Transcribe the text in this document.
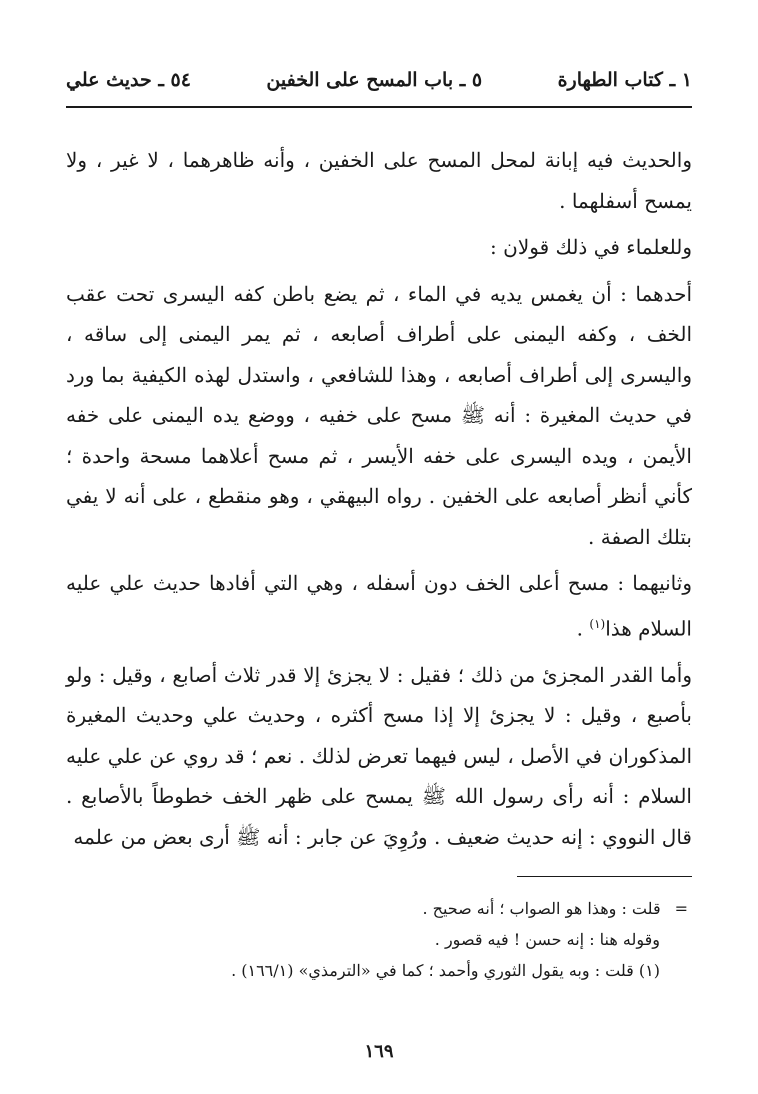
١ ـ كتاب الطهارة
٥ ـ باب المسح على الخفين
٥٤ ـ حديث علي

والحديث فيه إبانة لمحل المسح على الخفين ، وأنه ظاهرهما ، لا غير ، ولا يمسح أسفلهما .

وللعلماء في ذلك قولان :

أحدهما : أن يغمس يديه في الماء ، ثم يضع باطن كفه اليسرى تحت عقب الخف ، وكفه اليمنى على أطراف أصابعه ، ثم يمر اليمنى إلى ساقه ، واليسرى إلى أطراف أصابعه ، وهذا للشافعي ، واستدل لهذه الكيفية بما ورد في حديث المغيرة : أنه ﷺ مسح على خفيه ، ووضع يده اليمنى على خفه الأيمن ، ويده اليسرى على خفه الأيسر ، ثم مسح أعلاهما مسحة واحدة ؛ كأني أنظر أصابعه على الخفين . رواه البيهقي ، وهو منقطع ، على أنه لا يفي بتلك الصفة .

وثانيهما : مسح أعلى الخف دون أسفله ، وهي التي أفادها حديث علي عليه السلام هذا$^{(١)}$ .

وأما القدر المجزئ من ذلك ؛ فقيل : لا يجزئ إلا قدر ثلاث أصابع ، وقيل : ولو بأصبع ، وقيل : لا يجزئ إلا إذا مسح أكثره ، وحديث علي وحديث المغيرة المذكوران في الأصل ، ليس فيهما تعرض لذلك . نعم ؛ قد روي عن علي عليه السلام : أنه رأى رسول الله ﷺ يمسح على ظهر الخف خطوطاً بالأصابع . قال النووي : إنه حديث ضعيف . ورُوِيَ عن جابر : أنه ﷺ أرى بعض من علمه

=قلت : وهذا هو الصواب ؛ أنه صحيح .

وقوله هنا : إنه حسن ! فيه قصور .

(١) قلت : وبه يقول الثوري وأحمد ؛ كما في «الترمذي» (١٦٦/١) .

١٦٩
